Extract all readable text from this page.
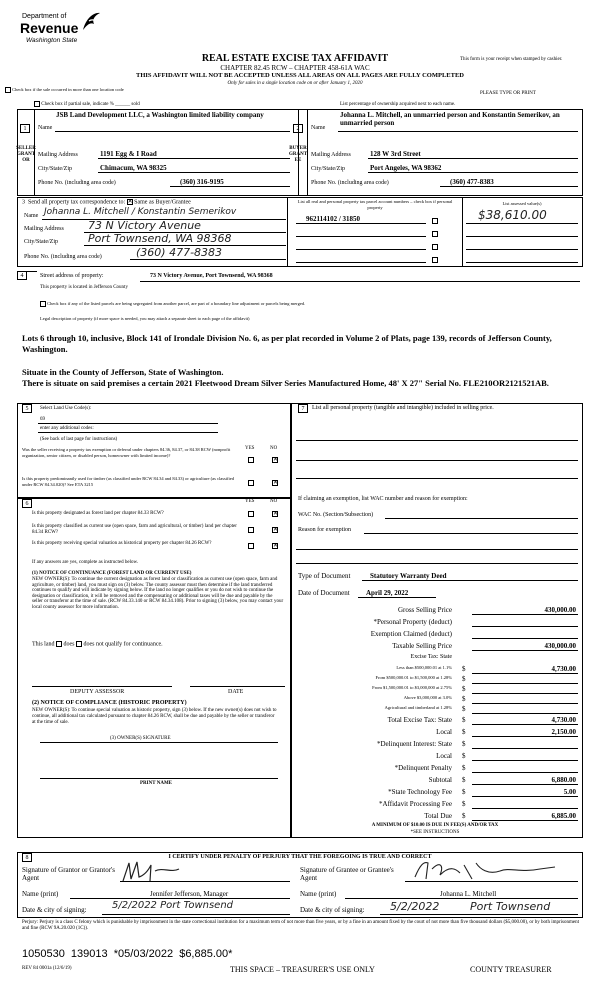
Department of
Revenue
Washington State
REAL ESTATE EXCISE TAX AFFIDAVIT
CHAPTER 82.45 RCW – CHAPTER 458-61A WAC
THIS AFFIDAVIT WILL NOT BE ACCEPTED UNLESS ALL AREAS ON ALL PAGES ARE FULLY COMPLETED
Only for sales in a single location code on or after January 1, 2020
This form is your receipt when stamped by cashier.
PLEASE TYPE OR PRINT
Check box if the sale occurred in more than one location code
Check box if partial sale, indicate % ______ sold	List percentage of ownership acquired next to each name.
1	2
SELLER GRANTOR
BUYER GRANTEE
Name
JSB Land Development LLC, a Washington limited liability company
Mailing Address	1191 Egg & I Road
City/State/Zip	Chimacum, WA 98325
Phone No. (including area code)	(360) 316-9195
Name
Johanna L. Mitchell, an unmarried person and Konstantin Semerikov, an unmarried person
Mailing Address	128 W 3rd Street
City/State/Zip	Port Angeles, WA 98362
Phone No. (including area code)	(360) 477-8383
3 Send all property tax correspondence to: ✕ Same as Buyer/Grantee
Name Johanna L. Mitchell / Konstantin Semerikov
Mailing Address 73 N Victory Avenue
City/State/Zip	Port Townsend, WA 98368
Phone No. (including area code)	(360) 477-8383
List all real and personal property tax parcel account numbers – check box if personal property
List assessed value(s)
962114102 / 31850	$38,610.00
4	Street address of property:	73 N Victory Avenue, Port Townsend, WA 98368
This property is located in Jefferson County
Check box if any of the listed parcels are being segregated from another parcel, are part of a boundary line adjustment or parcels being merged.
Legal description of property (if more space is needed, you may attach a separate sheet to each page of the affidavit)
Lots 6 through 10, inclusive, Block 141 of Irondale Division No. 6, as per plat recorded in Volume 2 of Plats, page 139, records of Jefferson County, Washington.
Situate in the County of Jefferson, State of Washington.
There is situate on said premises a certain 2021 Fleetwood Dream Silver Series Manufactured Home, 48' X 27" Serial No. FLE210OR2121521AB.
5	Select Land Use Code(s):
69
enter any additional codes:
(See back of last page for instructions)
YES	NO
Was the seller receiving a property tax exemption or deferral under chapters 84.36, 84.37, or 84.38 RCW (nonprofit organization, senior citizen, or disabled person, homeowner with limited income)?
✕
Is this property predominantly used for timber (as classified under RCW 84.34 and 84.33) or agriculture (as classified under RCW 84.34.020)? See ETA 3215	✕
6	YES	NO
Is this property designated as forest land per chapter 84.33 RCW?	✕
Is this property classified as current use (open space, farm and agricultural, or timber) land per chapter 84.34 RCW?	✕
Is this property receiving special valuation as historical property per chapter 84.26 RCW?	✕
If any answers are yes, complete as instructed below.
(1) NOTICE OF CONTINUANCE (FOREST LAND OR CURRENT USE)
NEW OWNER(S): To continue the current designation as forest land or classification as current use (open space, farm and agriculture, or timber) land, you must sign on (3) below. The county assessor must then determine if the land transferred continues to qualify and will indicate by signing below. If the land no longer qualifies or you do not wish to continue the designation or classification, it will be removed and the compensating or additional taxes will be due and payable by the seller or transferor at the time of sale. (RCW 84.33.140 or RCW 84.34.108). Prior to signing (3) below, you may contact your local county assessor for more information.
This land does does not qualify for continuance.
DEPUTY ASSESSOR	DATE
(2) NOTICE OF COMPLIANCE (HISTORIC PROPERTY)
NEW OWNER(S): To continue special valuation as historic property, sign (3) below. If the new owner(s) does not wish to continue, all additional tax calculated pursuant to chapter 84.26 RCW, shall be due and payable by the seller or transferor at the time of sale.
(3) OWNER(S) SIGNATURE
PRINT NAME
7	List all personal property (tangible and intangible) included in selling price.
If claiming an exemption, list WAC number and reason for exemption:
WAC No. (Section/Subsection)
Reason for exemption
Type of Document	Statutory Warranty Deed
Date of Document April 29, 2022
Gross Selling Price	430,000.00
*Personal Property (deduct)
Exemption Claimed (deduct)
Taxable Selling Price	430,000.00
Excise Tax: State
Less than $500,000.01 at 1.1% $	4,730.00
From $500,000.01 to $1,500,000 at 1.28% $
From $1,500,000.01 to $3,000,000 at 2.75% $
Above $3,000,000 at 3.0% $
Agricultural and timberland at 1.28% $
Total Excise Tax: State $	4,730.00
Local $	2,150.00
*Delinquent Interest: State $
Local $
*Delinquent Penalty $
Subtotal $	6,880.00
*State Technology Fee $	5.00
*Affidavit Processing Fee $
Total Due $	6,885.00
A MINIMUM OF $10.00 IS DUE IN FEE(S) AND/OR TAX
*SEE INSTRUCTIONS
8	I CERTIFY UNDER PENALTY OF PERJURY THAT THE FOREGOING IS TRUE AND CORRECT
Signature of Grantor or Grantor's Agent
Signature of Grantee or Grantee's Agent
Name (print)	Jennifer Jefferson, Manager	Name (print)	Johanna L. Mitchell
Date & city of signing:	5/2/2022 Port Townsend	Date & city of signing: 5/2/2022	Port Townsend
Perjury: Perjury is a class C felony which is punishable by imprisonment in the state correctional institution for a maximum term of not more than five years, or by a fine in an amount fixed by the court of not more than five thousand dollars ($5,000.00), or by both imprisonment and fine (RCW 9A.20.020 (1C)).
1050530  139013  *05/03/2022  $6,885.00*
REV 84 0001a (12/6/19)	THIS SPACE – TREASURER'S USE ONLY	COUNTY TREASURER
